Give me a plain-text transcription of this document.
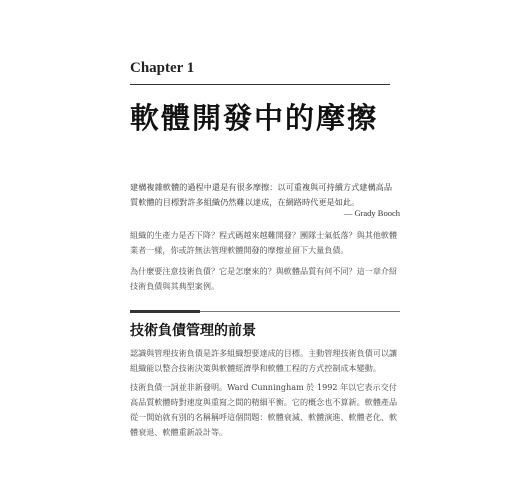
Chapter 1
軟體開發中的摩擦

建構複雜軟體的過程中還是有很多摩擦：以可重複與可持續方式建構高品質軟體的目標對許多組織仍然難以達成，在網路時代更是如此。

— Grady Booch

組織的生產力是否下降？程式碼越來越難開發？團隊士氣低落？與其他軟體業者一樣，你或許無法管理軟體開發的摩擦並留下大量負債。

為什麼要注意技術負債？它是怎麼來的？與軟體品質有何不同？這一章介紹技術負債與其典型案例。

技術負債管理的前景

認識與管理技術負債是許多組織想要達成的目標。主動管理技術負債可以讓組織能以整合技術決策與軟體經濟學和軟體工程的方式控制成本變動。

技術負債一詞並非新發明。Ward Cunningham 於 1992 年以它表示交付高品質軟體時對速度與重寫之間的精細平衡。它的概念也不算新。軟體產品從一開始就有別的名稱稱呼這個問題：軟體衰減、軟體演進、軟體老化、軟體衰退、軟體重新設計等。
